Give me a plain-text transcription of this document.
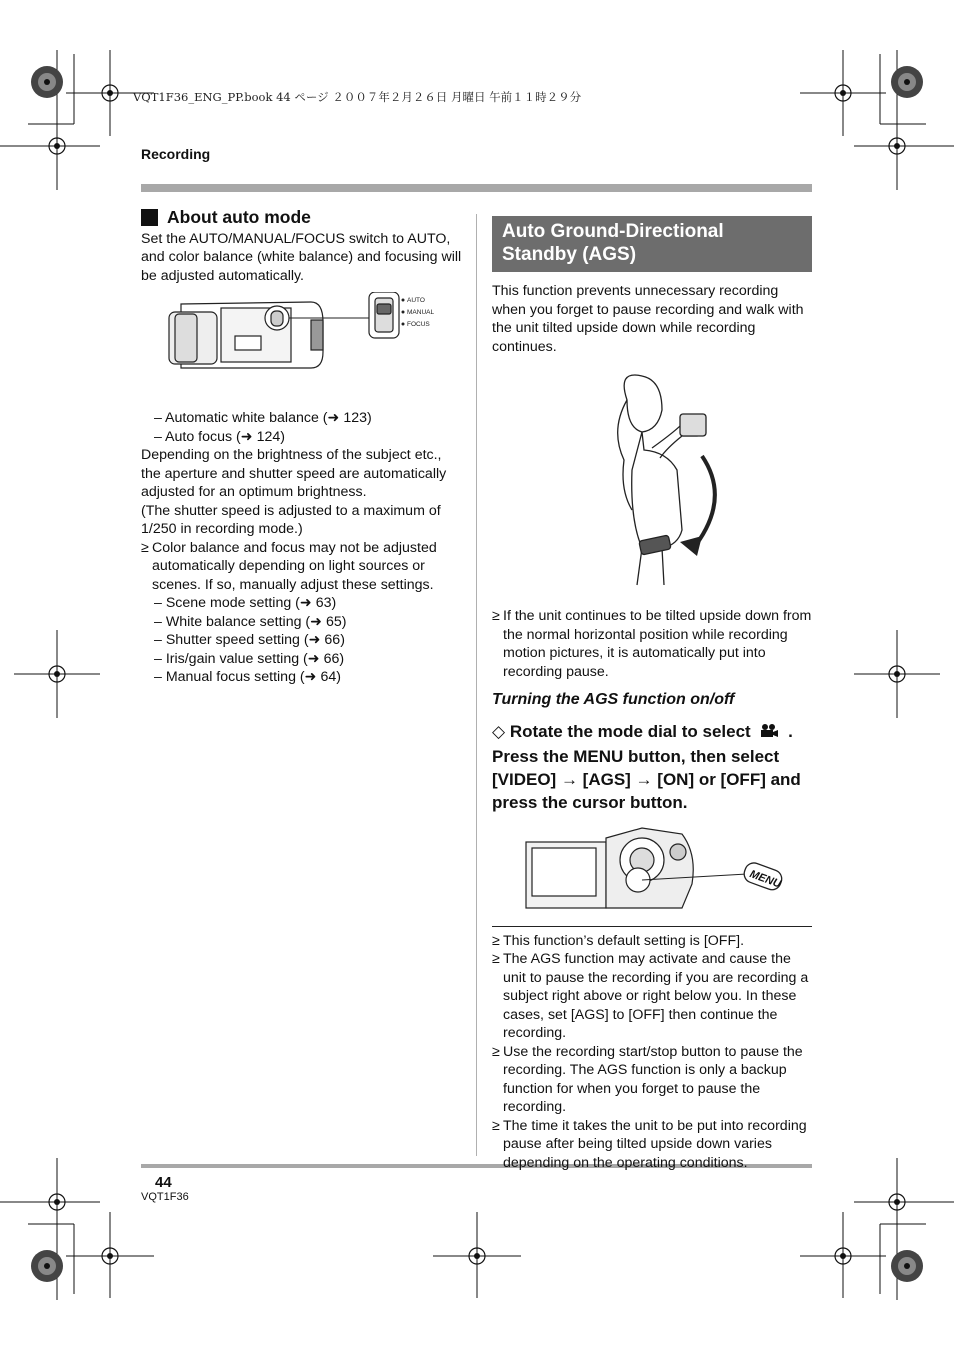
VQT1F36_ENG_PP.book 44 ページ ２００７年２月２６日 月曜日 午前１１時２９分
Recording
44
VQT1F36
About auto mode

Set the AUTO/MANUAL/FOCUS switch to AUTO, and color balance (white balance) and focusing will be adjusted automatically.

AUTO
MANUAL
FOCUS

– Automatic white balance (➜ 123)

– Auto focus (➜ 124)

Depending on the brightness of the subject etc., the aperture and shutter speed are automatically adjusted for an optimum brightness.

(The shutter speed is adjusted to a maximum of 1/250 in recording mode.)

≥ Color balance and focus may not be adjusted automatically depending on light sources or scenes. If so, manually adjust these settings.

– Scene mode setting (➜ 63)

– White balance setting (➜ 65)

– Shutter speed setting (➜ 66)

– Iris/gain value setting (➜ 66)

– Manual focus setting (➜ 64)

Auto Ground-Directional
Standby (AGS)

This function prevents unnecessary recording when you forget to pause recording and walk with the unit tilted upside down while recording continues.

≥ If the unit continues to be tilted upside down from the normal horizontal position while recording motion pictures, it is automatically put into recording pause.
Turning the AGS function on/off
◇ Rotate the mode dial to select . Press the MENU button, then select [VIDEO] → [AGS] → [ON] or [OFF] and press the cursor button.
MENU
≥ This function’s default setting is [OFF].
≥ The AGS function may activate and cause the unit to pause the recording if you are recording a subject right above or right below you. In these cases, set [AGS] to [OFF] then continue the recording.
≥ Use the recording start/stop button to pause the recording. The AGS function is only a backup function for when you forget to pause the recording.
≥ The time it takes the unit to be put into recording pause after being tilted upside down varies depending on the operating conditions.
